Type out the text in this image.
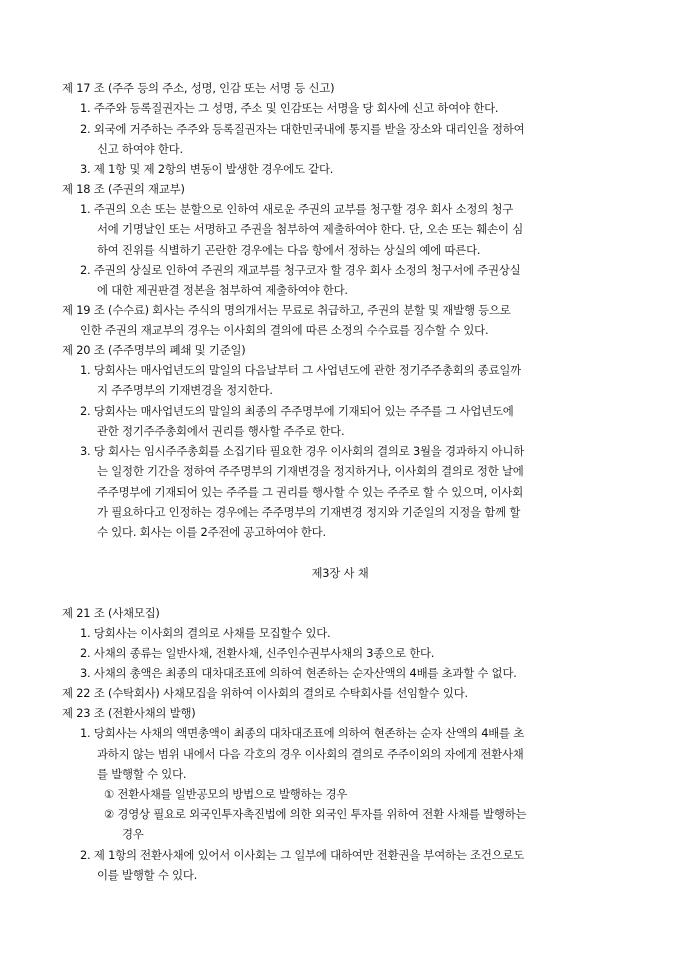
제 17 조 (주주 등의 주소, 성명, 인감 또는 서명 등 신고)
1. 주주와 등록질권자는 그 성명, 주소 및 인감또는 서명을 당 회사에 신고 하여야 한다.
2. 외국에 거주하는 주주와 등록질권자는 대한민국내에 통지를 받을 장소와 대리인을 정하여
신고 하여야 한다.
3. 제 1항 및 제 2항의 변동이 발생한 경우에도 같다.
제 18 조 (주권의 재교부)
1. 주권의 오손 또는 분할으로 인하여 새로운 주권의 교부를 청구할 경우 회사 소정의 청구
서에 기명날인 또는 서명하고 주권을 첨부하여 제출하여야 한다. 단, 오손 또는 훼손이 심
하여 진위를 식별하기 곤란한 경우에는 다음 항에서 정하는 상실의 예에 따른다.
2. 주권의 상실로 인하여 주권의 재교부를 청구코자 할 경우 회사 소정의 청구서에 주권상실
에 대한 제권판결 정본을 첨부하여 제출하여야 한다.
제 19 조 (수수료) 회사는 주식의 명의개서는 무료로 취급하고, 주권의 분할 및 재발행 등으로
인한 주권의 재교부의 경우는 이사회의 결의에 따른 소정의 수수료를 징수할 수 있다.
제 20 조 (주주명부의 폐쇄 및 기준일)
1. 당회사는 매사업년도의 말일의 다음날부터 그 사업년도에 관한 정기주주총회의 종료일까
지 주주명부의 기재변경을 정지한다.
2. 당회사는 매사업년도의 말일의 최종의 주주명부에 기재되어 있는 주주를 그 사업년도에
관한 정기주주총회에서 권리를 행사할 주주로 한다.
3. 당 회사는 임시주주총회를 소집기타 필요한 경우 이사회의 결의로 3월을 경과하지 아니하
는 일정한 기간을 정하여 주주명부의 기재변경을 정지하거나, 이사회의 결의로 정한 날에
주주명부에 기재되어 있는 주주를 그 권리를 행사할 수 있는 주주로 할 수 있으며, 이사회
가 필요하다고 인정하는 경우에는 주주명부의 기재변경 정지와 기준일의 지정을 함께 할
수 있다. 회사는 이를 2주전에 공고하여야 한다.
제3장 사 채
제 21 조 (사채모집)
1. 당회사는 이사회의 결의로 사채를 모집할수 있다.
2. 사채의 종류는 일반사채, 전환사채, 신주인수권부사채의 3종으로 한다.
3. 사채의 총액은 최종의 대차대조표에 의하여 현존하는 순자산액의 4배를 초과할 수 없다.
제 22 조 (수탁회사) 사채모집을 위하여 이사회의 결의로 수탁회사를 선임할수 있다.
제 23 조 (전환사채의 발행)
1. 당회사는 사채의 액면총액이 최종의 대차대조표에 의하여 현존하는 순자 산액의 4배를 초
과하지 않는 범위 내에서 다음 각호의 경우 이사회의 결의로 주주이외의 자에게 전환사채
를 발행할 수 있다.
① 전환사채를 일반공모의 방법으로 발행하는 경우
② 경영상 필요로 외국인투자촉진법에 의한 외국인 투자를 위하여 전환 사채를 발행하는
경우
2. 제 1항의 전환사채에 있어서 이사회는 그 일부에 대하여만 전환권을 부여하는 조건으로도
이를 발행할 수 있다.
